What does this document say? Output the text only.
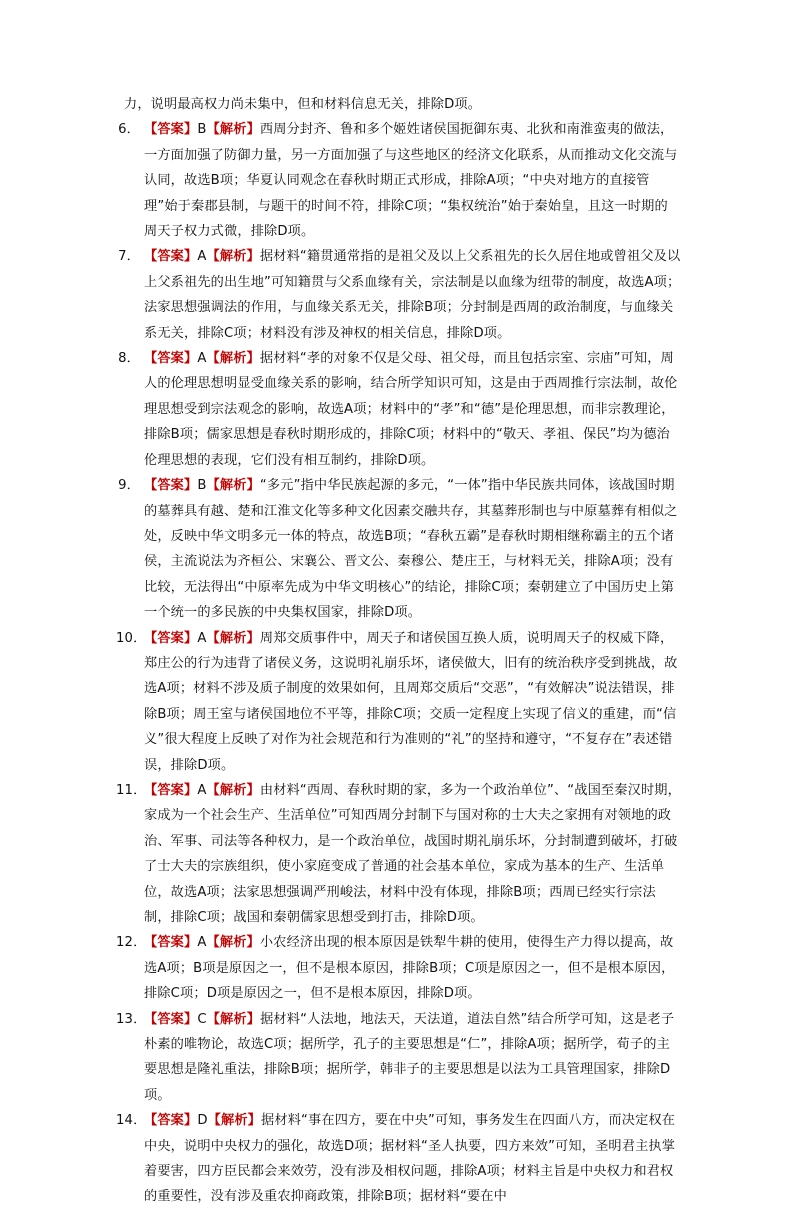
力，说明最高权力尚未集中，但和材料信息无关，排除D项。

6． 【答案】B【解析】西周分封齐、鲁和多个姬姓诸侯国扼御东夷、北狄和南淮蛮夷的做法，一方面加强了防御力量，另一方面加强了与这些地区的经济文化联系，从而推动文化交流与认同，故选B项；华夏认同观念在春秋时期正式形成，排除A项；“中央对地方的直接管理”始于秦郡县制，与题干的时间不符，排除C项；“集权统治”始于秦始皇，且这一时期的周天子权力式微，排除D项。

7． 【答案】A【解析】据材料“籍贯通常指的是祖父及以上父系祖先的长久居住地或曾祖父及以上父系祖先的出生地”可知籍贯与父系血缘有关，宗法制是以血缘为纽带的制度，故选A项；法家思想强调法的作用，与血缘关系无关，排除B项；分封制是西周的政治制度，与血缘关系无关，排除C项；材料没有涉及神权的相关信息，排除D项。

8． 【答案】A【解析】据材料“孝的对象不仅是父母、祖父母，而且包括宗室、宗庙”可知，周人的伦理思想明显受血缘关系的影响，结合所学知识可知，这是由于西周推行宗法制，故伦理思想受到宗法观念的影响，故选A项；材料中的“孝”和“德”是伦理思想，而非宗教理论，排除B项；儒家思想是春秋时期形成的，排除C项；材料中的“敬天、孝祖、保民”均为德治伦理思想的表现，它们没有相互制约，排除D项。

9． 【答案】B【解析】“多元”指中华民族起源的多元，“一体”指中华民族共同体，该战国时期的墓葬具有越、楚和江淮文化等多种文化因素交融共存，其墓葬形制也与中原墓葬有相似之处，反映中华文明多元一体的特点，故选B项；“春秋五霸”是春秋时期相继称霸主的五个诸侯，主流说法为齐桓公、宋襄公、晋文公、秦穆公、楚庄王，与材料无关，排除A项；没有比较，无法得出“中原率先成为中华文明核心”的结论，排除C项；秦朝建立了中国历史上第一个统一的多民族的中央集权国家，排除D项。

10．
【答案】A【解析】周郑交质事件中，周天子和诸侯国互换人质，说明周天子的权威下降，郑庄公的行为违背了诸侯义务，这说明礼崩乐坏，诸侯做大，旧有的统治秩序受到挑战，故选A项；材料不涉及质子制度的效果如何，且周郑交质后“交恶”，“有效解决”说法错误，排除B项；周王室与诸侯国地位不平等，排除C项；交质一定程度上实现了信义的重建，而“信义”很大程度上反映了对作为社会规范和行为准则的“礼”的坚持和遵守，“不复存在”表述错误，排除D项。

11．
【答案】A【解析】由材料“西周、春秋时期的家，多为一个政治单位”、“战国至秦汉时期，家成为一个社会生产、生活单位”可知西周分封制下与国对称的士大夫之家拥有对领地的政治、军事、司法等各种权力，是一个政治单位，战国时期礼崩乐坏，分封制遭到破坏，打破了士大夫的宗族组织，使小家庭变成了普通的社会基本单位，家成为基本的生产、生活单位，故选A项；法家思想强调严刑峻法，材料中没有体现，排除B项；西周已经实行宗法制，排除C项；战国和秦朝儒家思想受到打击，排除D项。

12．
【答案】A【解析】小农经济出现的根本原因是铁犁牛耕的使用，使得生产力得以提高，故选A项；B项是原因之一，但不是根本原因，排除B项；C项是原因之一，但不是根本原因，排除C项；D项是原因之一，但不是根本原因，排除D项。

13．
【答案】C【解析】据材料“人法地，地法天，天法道，道法自然”结合所学可知，这是老子朴素的唯物论，故选C项；据所学，孔子的主要思想是“仁”，排除A项；据所学，荀子的主要思想是隆礼重法，排除B项；据所学，韩非子的主要思想是以法为工具管理国家，排除D项。

14．
【答案】D【解析】据材料“事在四方，要在中央”可知，事务发生在四面八方，而决定权在中央，说明中央权力的强化，故选D项；据材料“圣人执要，四方来效”可知，圣明君主执掌着要害，四方臣民都会来效劳，没有涉及相权问题，排除A项；材料主旨是中央权力和君权的重要性，没有涉及重农抑商政策，排除B项；据材料“要在中
